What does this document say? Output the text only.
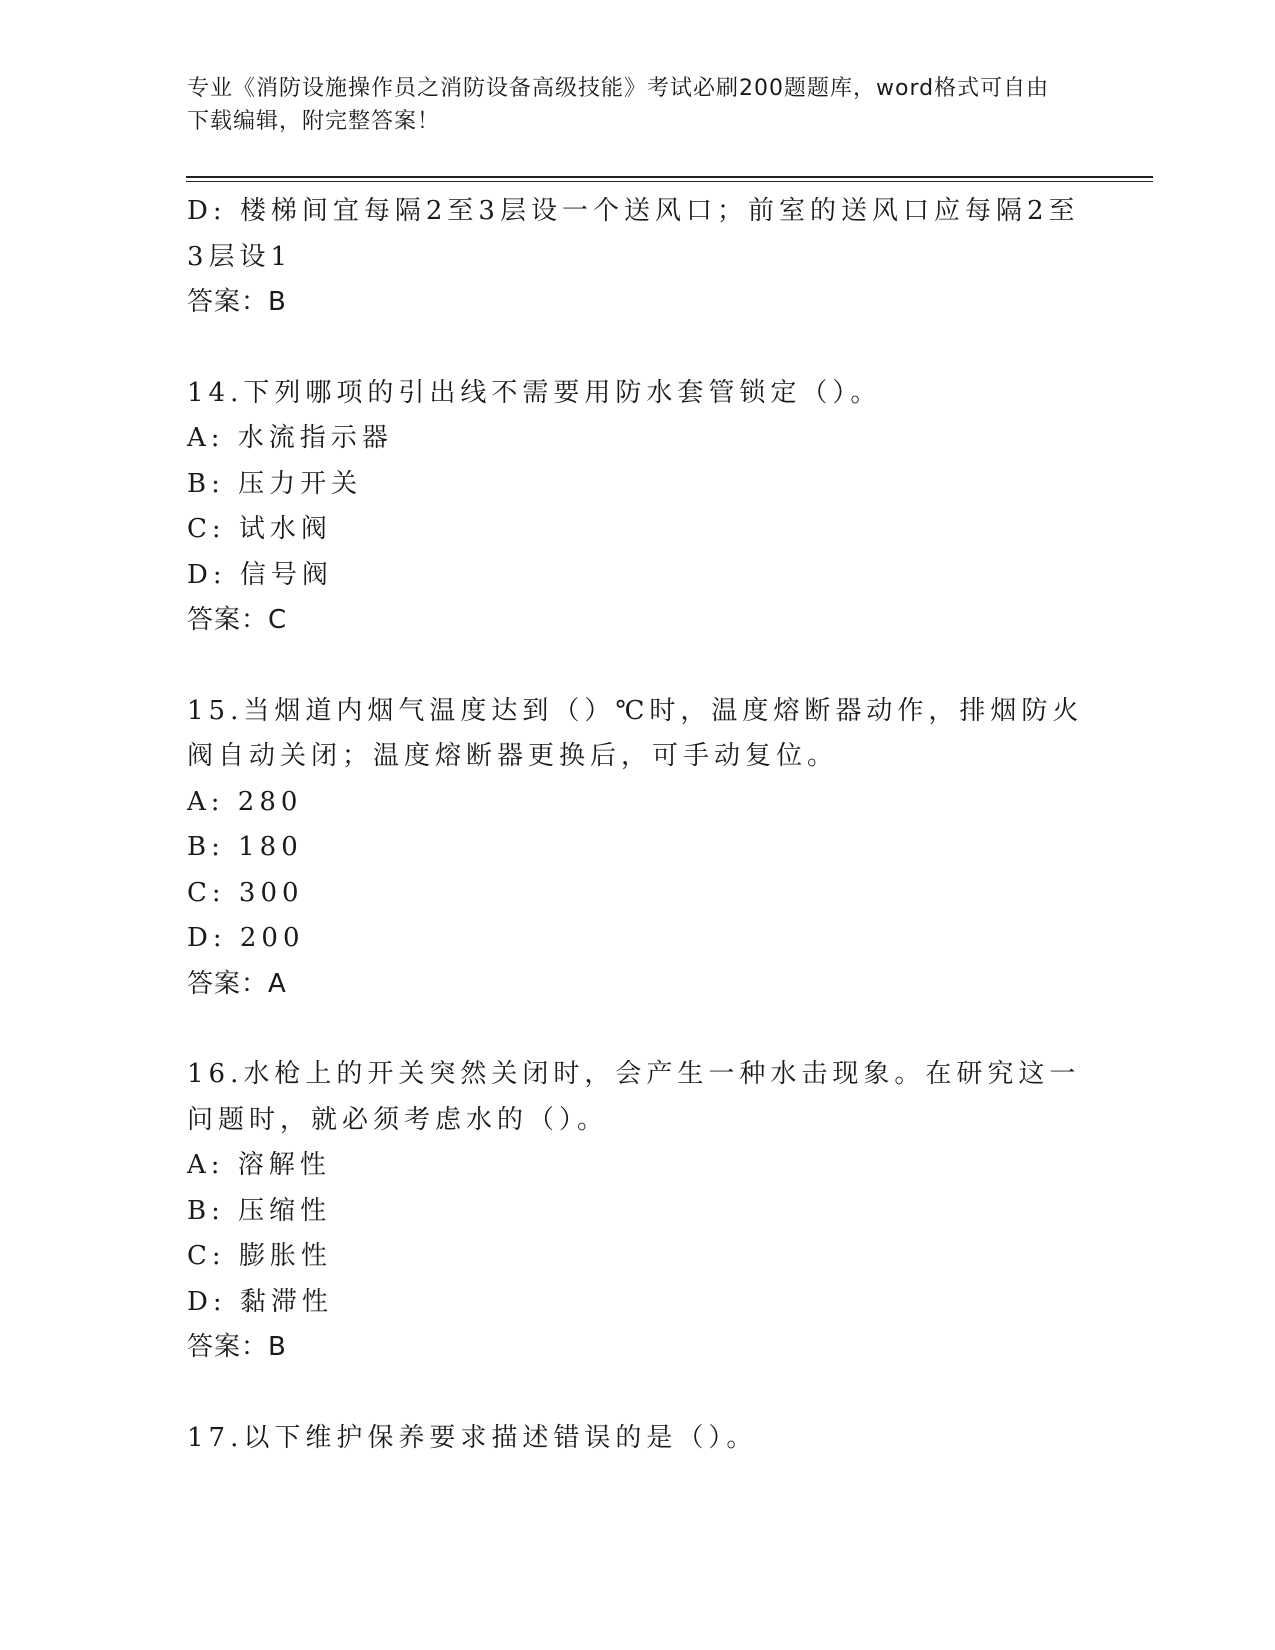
专业《消防设施操作员之消防设备高级技能》考试必刷200题题库，word格式可自由下载编辑，附完整答案！

D: 楼梯间宜每隔2至3层设一个送风口；前室的送风口应每隔2至3层设1

答案：B

14.下列哪项的引出线不需要用防水套管锁定（）。

A: 水流指示器

B: 压力开关

C: 试水阀

D: 信号阀

答案：C

15.当烟道内烟气温度达到（）℃时，温度熔断器动作，排烟防火阀自动关闭；温度熔断器更换后，可手动复位。

A: 280

B: 180

C: 300

D: 200

答案：A

16.水枪上的开关突然关闭时，会产生一种水击现象。在研究这一问题时，就必须考虑水的（）。

A: 溶解性

B: 压缩性

C: 膨胀性

D: 黏滞性

答案：B

17.以下维护保养要求描述错误的是（）。
